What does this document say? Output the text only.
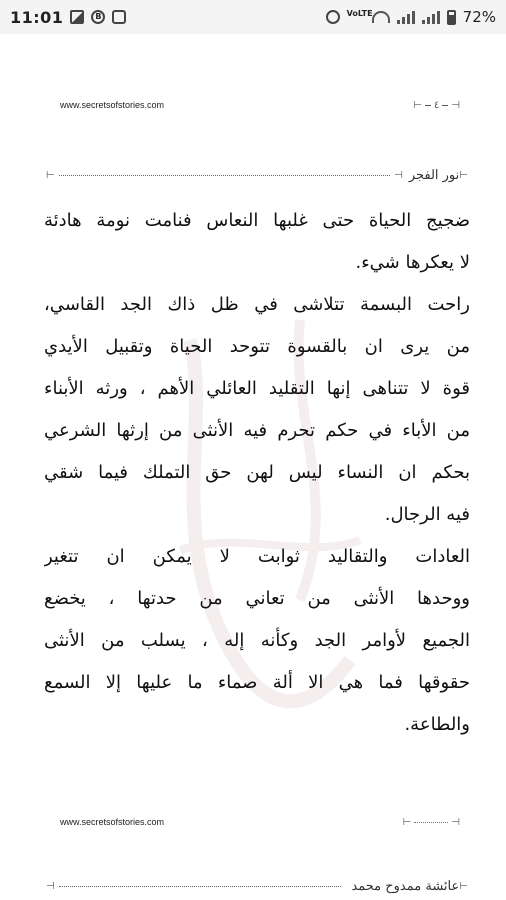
11:01	B	VoLTE	72%
www.secretsofstories.com	⊢ ٤ ⊣
⊣
نور الفجر
⊢
⊣
ضجيج الحياة حتى غلبها النعاس فنامت نومة هادئة
لا يعكرها شيء.
راحت البسمة تتلاشى في ظل ذاك الجد القاسي،
من يرى ان بالقسوة تتوحد الحياة وتقبيل الأيدي
قوة لا تتناهى إنها التقليد العائلي الأهم ، ورثه الأبناء
من الأباء في حكم تحرم فيه الأنثى من إرثها الشرعي
بحكم ان النساء ليس لهن حق التملك فيما شقي
فيه الرجال.
العادات والتقاليد ثوابت لا يمكن ان تتغير
ووحدها الأنثى من تعاني من حدتها ، يخضع
الجميع لأوامر الجد وكأنه إله ، يسلب من الأنثى
حقوقها فما هي الا ألة صماء ما عليها إلا السمع
والطاعة.
www.secretsofstories.com	⊢	⊣
⊣
عائشة ممدوح محمد
⊢
